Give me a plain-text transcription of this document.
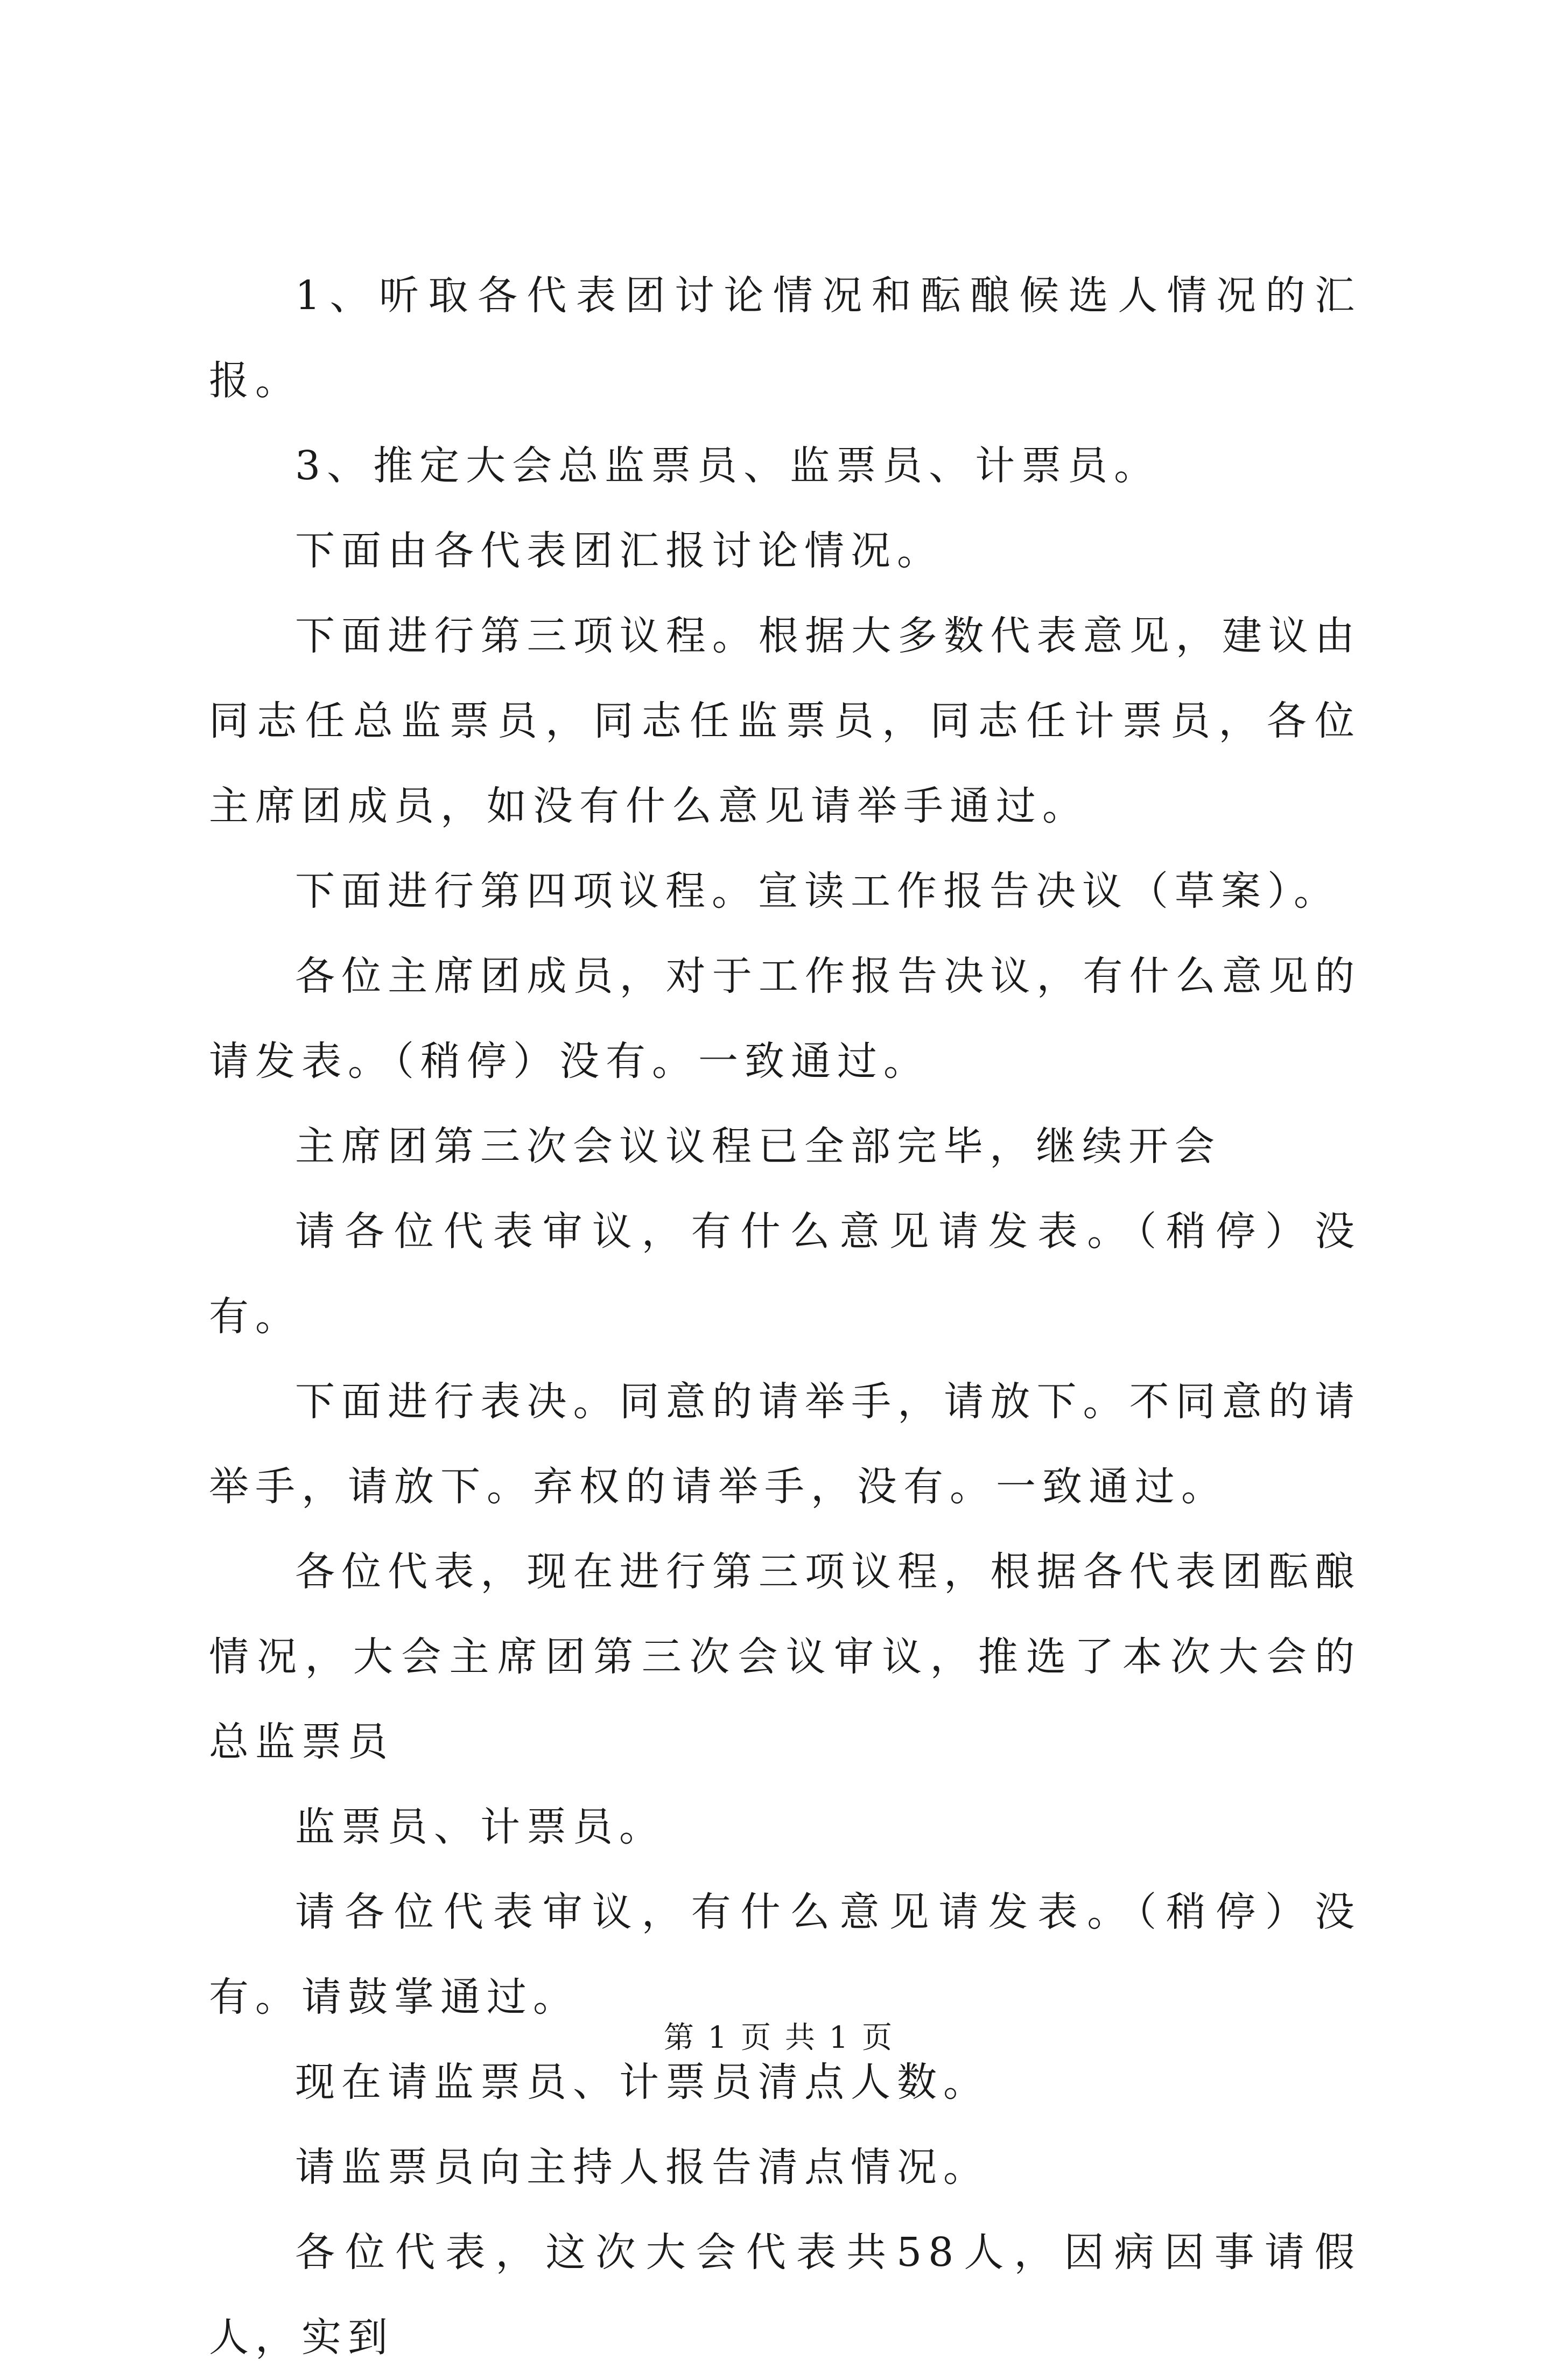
1、听取各代表团讨论情况和酝酿候选人情况的汇报。

3、推定大会总监票员、监票员、计票员。

下面由各代表团汇报讨论情况。

下面进行第三项议程。根据大多数代表意见，建议由同志任总监票员，同志任监票员，同志任计票员，各位主席团成员，如没有什么意见请举手通过。

下面进行第四项议程。宣读工作报告决议（草案）。

各位主席团成员，对于工作报告决议，有什么意见的请发表。（稍停）没有。一致通过。

主席团第三次会议议程已全部完毕，继续开会

请各位代表审议，有什么意见请发表。（稍停）没有。

下面进行表决。同意的请举手，请放下。不同意的请举手，请放下。弃权的请举手，没有。一致通过。

各位代表，现在进行第三项议程，根据各代表团酝酿情况，大会主席团第三次会议审议，推选了本次大会的总监票员

监票员、计票员。

请各位代表审议，有什么意见请发表。（稍停）没有。请鼓掌通过。

现在请监票员、计票员清点人数。

请监票员向主持人报告清点情况。

各位代表，这次大会代表共58人，因病因事请假人，实到

第 1 页 共 1 页
